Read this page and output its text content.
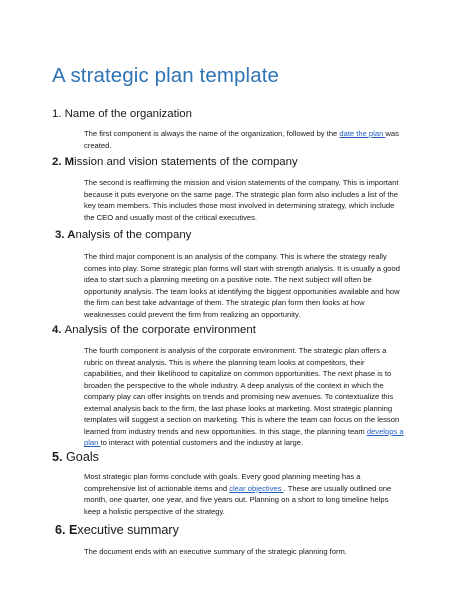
A strategic plan template
1. Name of the organization
The first component is always the name of the organization, followed by the date the plan was
created.
2. Mission and vision statements of the company
The second is reaffirming the mission and vision statements of the company. This is important
because it puts everyone on the same page. The strategic plan form also includes a list of the
key team members. This includes those most involved in determining strategy, which include
the CEO and usually most of the critical executives.
3. Analysis of the company
The third major component is an analysis of the company. This is where the strategy really
comes into play. Some strategic plan forms will start with strength analysis. It is usually a good
idea to start such a planning meeting on a positive note. The next subject will often be
opportunity analysis. The team looks at identifying the biggest opportunities available and how
the firm can best take advantage of them. The strategic plan form then looks at how
weaknesses could prevent the firm from realizing an opportunity.
4. Analysis of the corporate environment
The fourth component is analysis of the corporate environment. The strategic plan offers a
rubric on threat analysis. This is where the planning team looks at competitors, their
capabilities, and their likelihood to capitalize on common opportunities. The next phase is to
broaden the perspective to the whole industry. A deep analysis of the context in which the
company play can offer insights on trends and promising new avenues. To contextualize this
external analysis back to the firm, the last phase looks at marketing. Most strategic planning
templates will suggest a section on marketing. This is where the team can focus on the lesson
learned from industry trends and new opportunities. In this stage, the planning team develops a
plan to interact with potential customers and the industry at large.
5. Goals
Most strategic plan forms conclude with goals. Every good planning meeting has a
comprehensive list of actionable items and clear objectives . These are usually outlined one
month, one quarter, one year, and five years out. Planning on a short to long timeline helps
keep a holistic perspective of the strategy.
6. Executive summary
The document ends with an executive summary of the strategic planning form.
